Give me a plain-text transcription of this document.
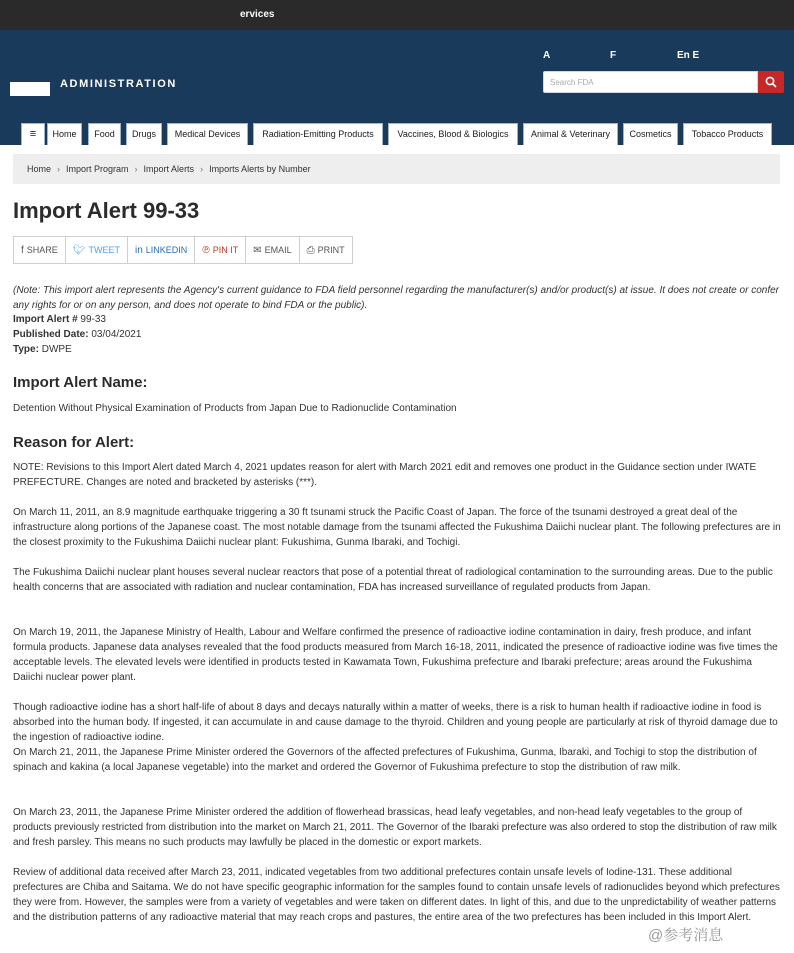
ervices
ADMINISTRATION
A	F	En E
Search FDA
≡	Home	Food	Drugs	Medical Devices	Radiation-Emitting Products	Vaccines, Blood & Biologics	Animal & Veterinary	Cosmetics	Tobacco Products
Home › Import Program › Import Alerts › Imports Alerts by Number
Import Alert 99-33
f SHARE	🐦︎ TWEET	in LINKEDIN	℗ PIN IT	✉ EMAIL	⎙ PRINT
(Note: This import alert represents the Agency's current guidance to FDA field personnel regarding the manufacturer(s) and/or product(s) at issue. It does not create or confer any rights for or on any person, and does not operate to bind FDA or the public).
Import Alert # 99-33
Published Date: 03/04/2021
Type: DWPE
Import Alert Name:
Detention Without Physical Examination of Products from Japan Due to Radionuclide Contamination
Reason for Alert:
NOTE: Revisions to this Import Alert dated March 4, 2021 updates reason for alert with March 2021 edit and removes one product in the Guidance section under IWATE PREFECTURE. Changes are noted and bracketed by asterisks (***).
On March 11, 2011, an 8.9 magnitude earthquake triggering a 30 ft tsunami struck the Pacific Coast of Japan. The force of the tsunami destroyed a great deal of the infrastructure along portions of the Japanese coast. The most notable damage from the tsunami affected the Fukushima Daiichi nuclear plant. The following prefectures are in the closest proximity to the Fukushima Daiichi nuclear plant: Fukushima, Gunma Ibaraki, and Tochigi.
The Fukushima Daiichi nuclear plant houses several nuclear reactors that pose of a potential threat of radiological contamination to the surrounding areas. Due to the public health concerns that are associated with radiation and nuclear contamination, FDA has increased surveillance of regulated products from Japan.
On March 19, 2011, the Japanese Ministry of Health, Labour and Welfare confirmed the presence of radioactive iodine contamination in dairy, fresh produce, and infant formula products. Japanese data analyses revealed that the food products measured from March 16-18, 2011, indicated the presence of radioactive iodine was five times the acceptable levels. The elevated levels were identified in products tested in Kawamata Town, Fukushima prefecture and Ibaraki prefecture; areas around the Fukushima Daiichi nuclear power plant.
Though radioactive iodine has a short half-life of about 8 days and decays naturally within a matter of weeks, there is a risk to human health if radioactive iodine in food is absorbed into the human body. If ingested, it can accumulate in and cause damage to the thyroid. Children and young people are particularly at risk of thyroid damage due to the ingestion of radioactive iodine.
On March 21, 2011, the Japanese Prime Minister ordered the Governors of the affected prefectures of Fukushima, Gunma, Ibaraki, and Tochigi to stop the distribution of spinach and kakina (a local Japanese vegetable) into the market and ordered the Governor of Fukushima prefecture to stop the distribution of raw milk.
On March 23, 2011, the Japanese Prime Minister ordered the addition of flowerhead brassicas, head leafy vegetables, and non-head leafy vegetables to the group of products previously restricted from distribution into the market on March 21, 2011. The Governor of the Ibaraki prefecture was also ordered to stop the distribution of raw milk and fresh parsley. This means no such products may lawfully be placed in the domestic or export markets.
Review of additional data received after March 23, 2011, indicated vegetables from two additional prefectures contain unsafe levels of Iodine-131. These additional prefectures are Chiba and Saitama. We do not have specific geographic information for the samples found to contain unsafe levels of radionuclides beyond which prefectures they were from. However, the samples were from a variety of vegetables and were taken on different dates. In light of this, and due to the unpredictability of weather patterns and the distribution patterns of any radioactive material that may reach crops and pastures, the entire area of the two prefectures has been included in this Import Alert.
@参考消息
